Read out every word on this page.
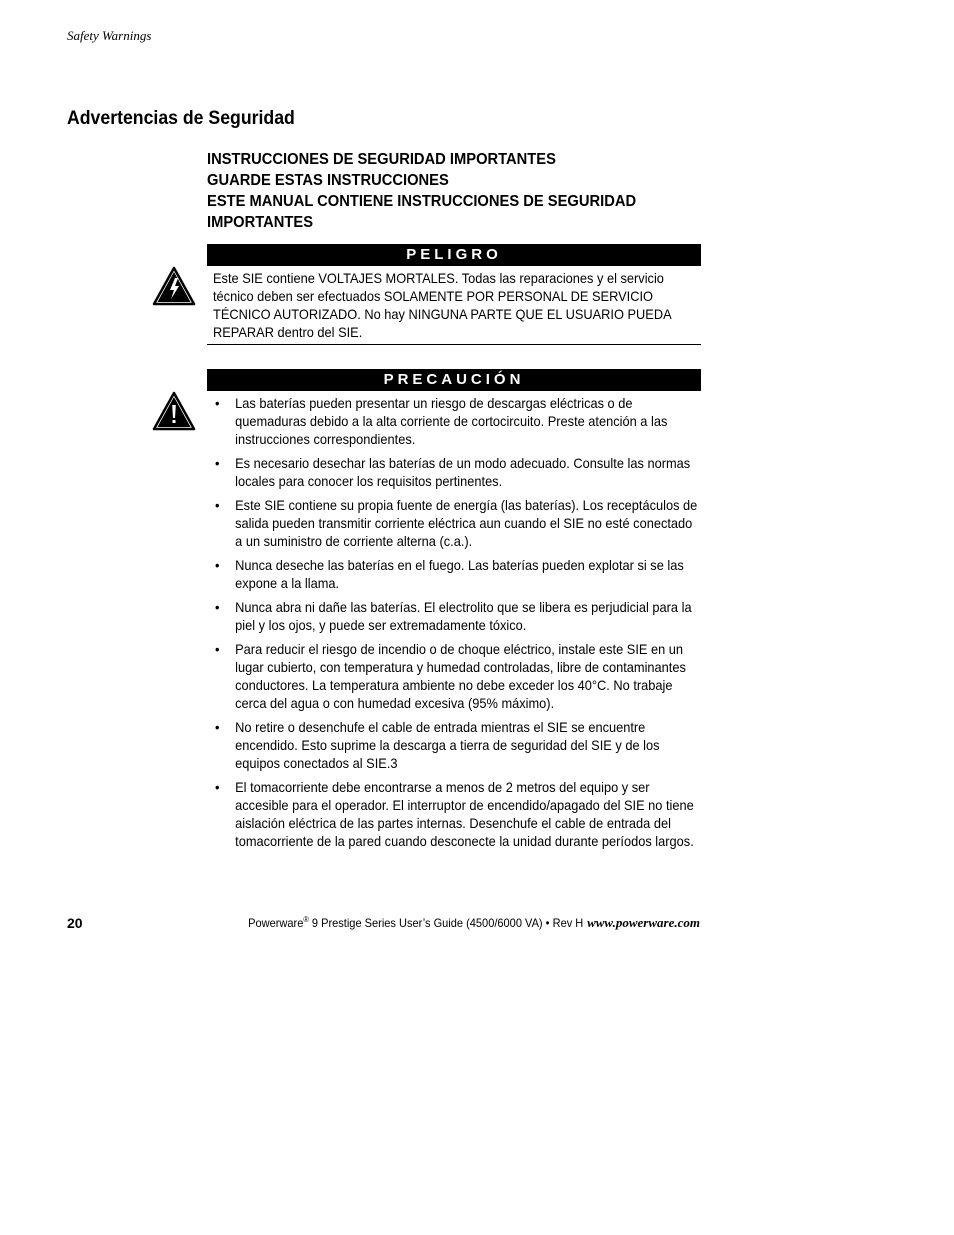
Safety Warnings
Advertencias de Seguridad
INSTRUCCIONES DE SEGURIDAD IMPORTANTES
GUARDE ESTAS INSTRUCCIONES
ESTE MANUAL CONTIENE INSTRUCCIONES DE SEGURIDAD
IMPORTANTES
PELIGRO
Este SIE contiene VOLTAJES MORTALES. Todas las reparaciones y el servicio técnico deben ser efectuados SOLAMENTE POR PERSONAL DE SERVICIO TÉCNICO AUTORIZADO. No hay NINGUNA PARTE QUE EL USUARIO PUEDA REPARAR dentro del SIE.
PRECAUCIÓN
• Las baterías pueden presentar un riesgo de descargas eléctricas o de quemaduras debido a la alta corriente de cortocircuito. Preste atención a las instrucciones correspondientes.
• Es necesario desechar las baterías de un modo adecuado. Consulte las normas locales para conocer los requisitos pertinentes.
• Este SIE contiene su propia fuente de energía (las baterías). Los receptáculos de salida pueden transmitir corriente eléctrica aun cuando el SIE no esté conectado a un suministro de corriente alterna (c.a.).
• Nunca deseche las baterías en el fuego. Las baterías pueden explotar si se las expone a la llama.
• Nunca abra ni dañe las baterías. El electrolito que se libera es perjudicial para la piel y los ojos, y puede ser extremadamente tóxico.
• Para reducir el riesgo de incendio o de choque eléctrico, instale este SIE en un lugar cubierto, con temperatura y humedad controladas, libre de contaminantes conductores. La temperatura ambiente no debe exceder los 40°C. No trabaje cerca del agua o con humedad excesiva (95% máximo).
• No retire o desenchufe el cable de entrada mientras el SIE se encuentre encendido. Esto suprime la descarga a tierra de seguridad del SIE y de los equipos conectados al SIE.3
• El tomacorriente debe encontrarse a menos de 2 metros del equipo y ser accesible para el operador. El interruptor de encendido/apagado del SIE no tiene aislación eléctrica de las partes internas. Desenchufe el cable de entrada del tomacorriente de la pared cuando desconecte la unidad durante períodos largos.
20	Powerware® 9 Prestige Series User’s Guide (4500/6000 VA) • Rev H www.powerware.com
